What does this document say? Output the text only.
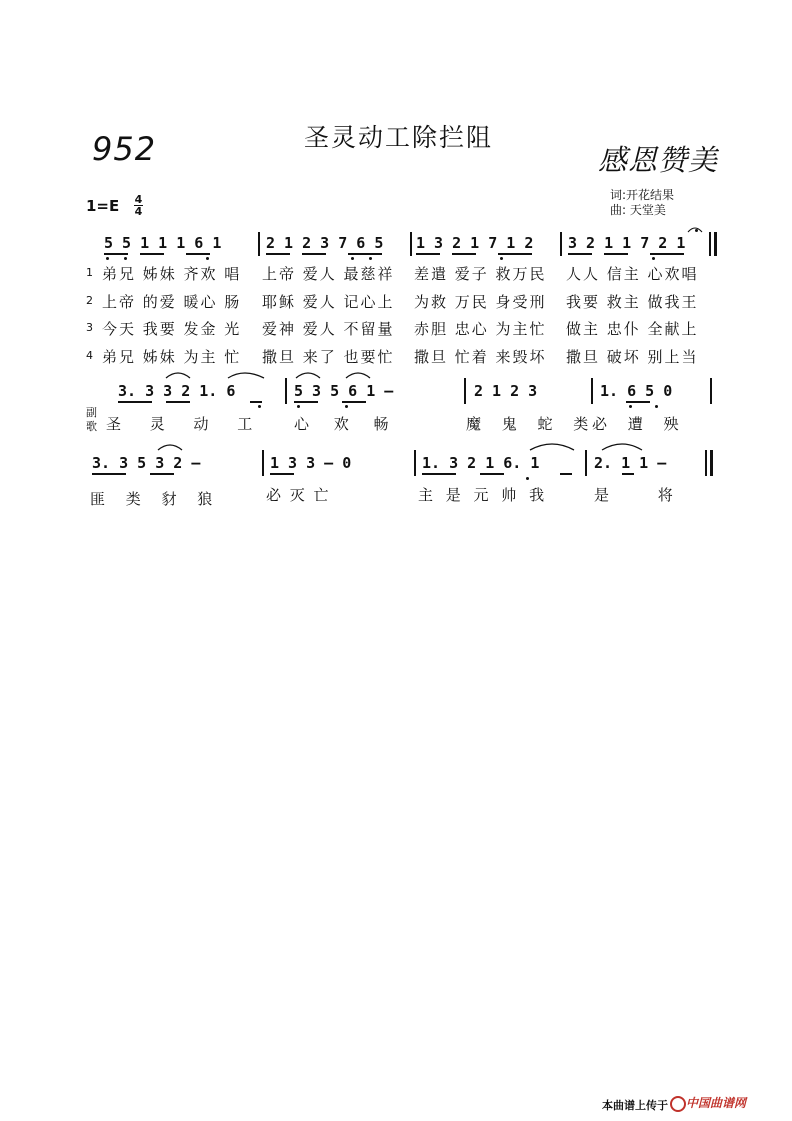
952	圣灵动工除拦阻
感恩赞美
词:开花结果
曲: 天堂美
1=E 4
4
5 5 1 1 1 6 1	2 1 2 3 7 6 5 1 3 2 1 7 1 2 3 2 1 1 7 2 1
1 弟兄 姊妹 齐欢 唱 上帝 爱人 最慈祥 差遣 爱子 救万民 人人 信主 心欢唱
2 上帝 的爱 暖心 肠 耶稣 爱人 记心上 为救 万民 身受刑 我要 救主 做我王
3 今天 我要 发金 光 爱神 爱人 不留量 赤胆 忠心 为主忙 做主 忠仆 全献上
4 弟兄 姊妹 为主 忙 撒旦 来了 也要忙 撒旦 忙着 来毁坏 撒旦 破坏 别上当
3. 3 3 2 1. 6	5 3 5 6 1 –	2 1 2 3	1. 6 5 0
副
歌 圣 灵 动 工 心 欢 畅	魔 鬼 蛇 类
必 遭 殃
3. 3 5 3 2 –	1 3 3 – 0	1. 3 2 1 6. 1	2. 1 1 –
匪 类 豺 狼	必 灭 亡	主 是 元 帅 我	是 将
本曲谱上传于 中国曲谱网
